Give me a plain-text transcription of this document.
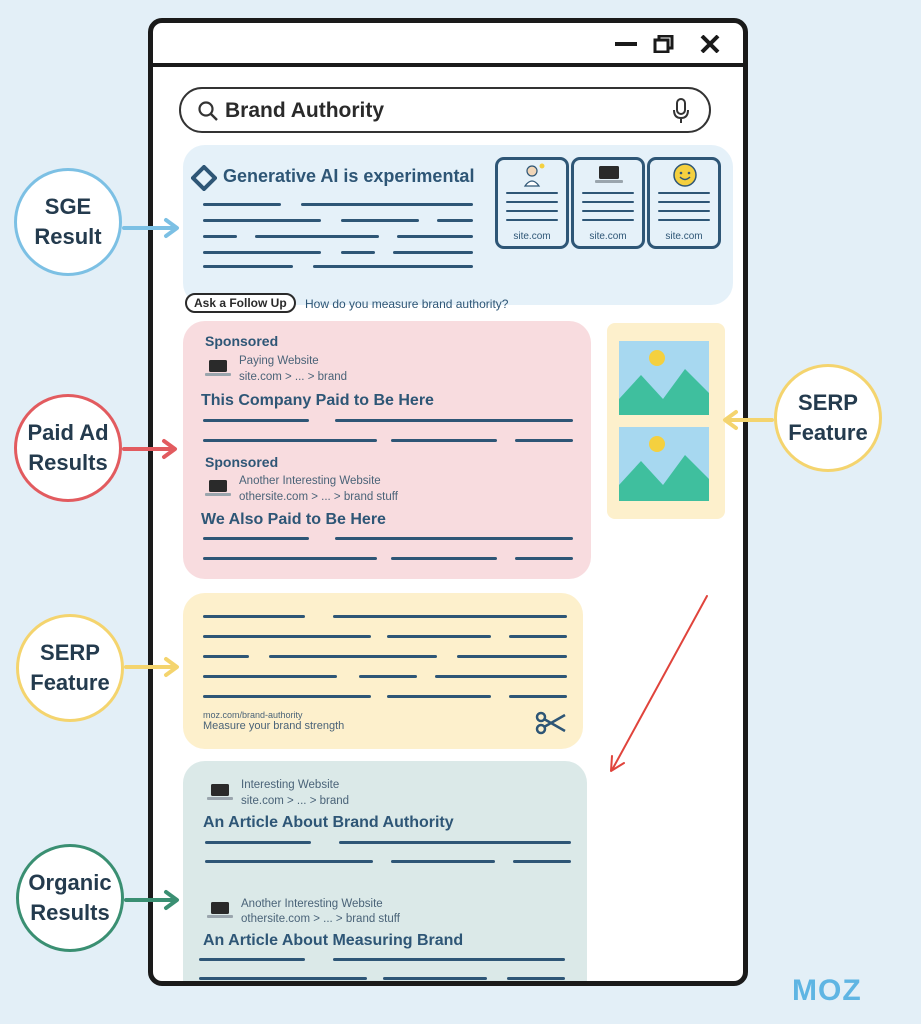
Brand Authority
Generative AI is experimental
site.com	site.com	site.com
Ask a Follow Up	How do you measure brand authority?
Sponsored
Paying Website
site.com > ... > brand
This Company Paid to Be Here
Sponsored
Another Interesting Website
othersite.com > ... > brand stuff
We Also Paid to Be Here
moz.com/brand-authority
Measure your brand strength
Interesting Website
site.com > ... > brand
An Article About Brand Authority
Another Interesting Website
othersite.com > ... > brand stuff
An Article About Measuring Brand
SGE
Result
Paid Ad
Results
SERP
Feature
Organic
Results
SERP
Feature
MOZ
